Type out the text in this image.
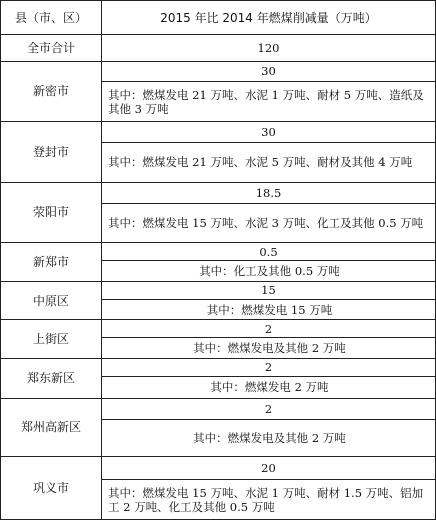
县（市、区）	2015 年比 2014 年燃煤削减量（万吨）
全市合计	120
新密市	30
	其中：燃煤发电 21 万吨、水泥 1 万吨、耐材 5 万吨、造纸及其他 3 万吨
登封市	30
	其中：燃煤发电 21 万吨、水泥 5 万吨、耐材及其他 4 万吨
荥阳市	18.5
	其中：燃煤发电 15 万吨、水泥 3 万吨、化工及其他 0.5 万吨
新郑市	0.5
	其中：化工及其他 0.5 万吨
中原区	15
	其中：燃煤发电 15 万吨
上街区	2
	其中：燃煤发电及其他 2 万吨
郑东新区	2
	其中：燃煤发电 2 万吨
郑州高新区	2
	其中：燃煤发电及其他 2 万吨
巩义市	20
	其中：燃煤发电 15 万吨、水泥 1 万吨、耐材 1.5 万吨、铝加工 2 万吨、化工及其他 0.5 万吨
